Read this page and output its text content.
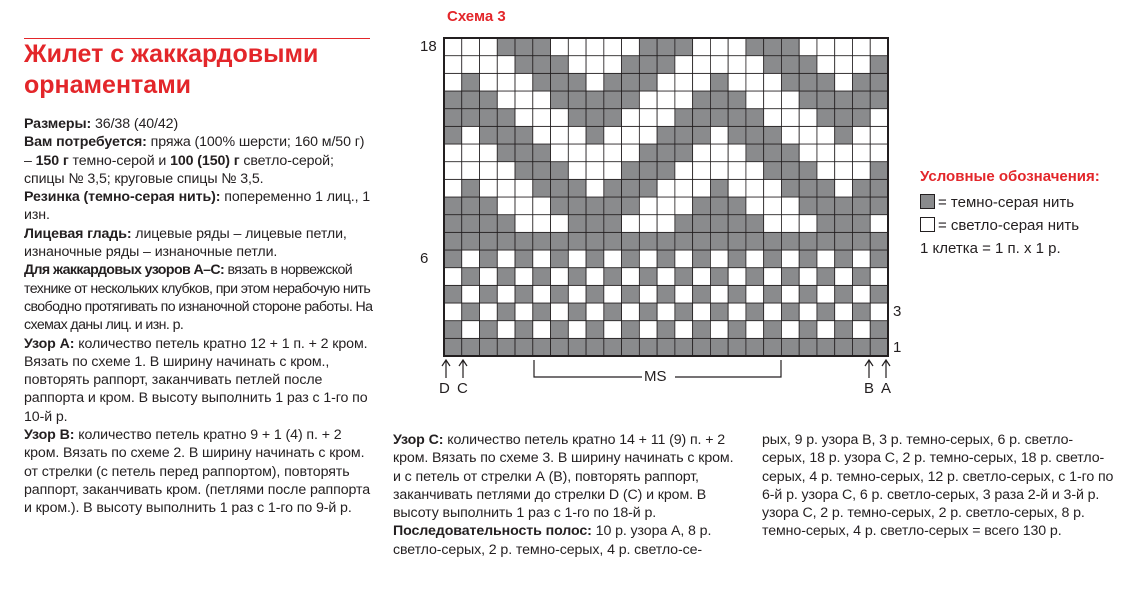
Жилет с жаккардовыми
орнаментами

Размеры: 36/38 (40/42)

Вам потребуется: пряжа (100% шерсти; 160 м/50 г) – 150 г темно-серой и 100 (150) г светло-серой; спицы № 3,5; круговые спицы № 3,5.

Резинка (темно-серая нить): попеременно 1 лиц., 1 изн.

Лицевая гладь: лицевые ряды – лицевые петли, изнаночные ряды – изнаночные петли.

Для жаккардовых узоров А–С: вязать в норвежской технике от нескольких клубков, при этом нерабочую нить свободно протягивать по изнаночной стороне работы. На схемах даны лиц. и изн. р.

Узор А: количество петель кратно 12 + 1 п. + 2 кром. Вязать по схеме 1. В ширину начинать с кром., повторять раппорт, заканчивать петлей после раппорта и кром. В высоту выполнить 1 раз с 1-го по 10-й р.

Узор В: количество петель кратно 9 + 1 (4) п. + 2 кром. Вязать по схеме 2. В ширину начинать с кром. от стрелки (с петель перед раппортом), повторять раппорт, заканчивать кром. (петлями после раппорта и кром.). В высоту выполнить 1 раз с 1-го по 9-й р.

Узор С: количество петель кратно 14 + 11 (9) п. + 2 кром. Вязать по схеме 3. В ширину начинать с кром. и с петель от стрелки А (В), повторять раппорт, заканчивать петлями до стрелки D (С) и кром. В высоту выполнить 1 раз с 1-го по 18-й р.

Последовательность полос: 10 р. узора А, 8 р. светло-серых, 2 р. темно-серых, 4 р. светло-се-

рых, 9 р. узора В, 3 р. темно-серых, 6 р. светло-серых, 18 р. узора С, 2 р. темно-серых, 18 р. светло-серых, 4 р. темно-серых, 12 р. светло-серых, с 1-го по 6-й р. узора С, 6 р. светло-серых, 3 раза 2-й и 3-й р. узора С, 2 р. темно-серых, 2 р. светло-серых, 8 р. темно-серых, 4 р. светло-серых = всего 130 р.

Схема 3
18
6
3
1
MS
D C	B A
Условные обозначения:
= темно-серая нить
= светло-серая нить
1 клетка = 1 п. х 1 р.
